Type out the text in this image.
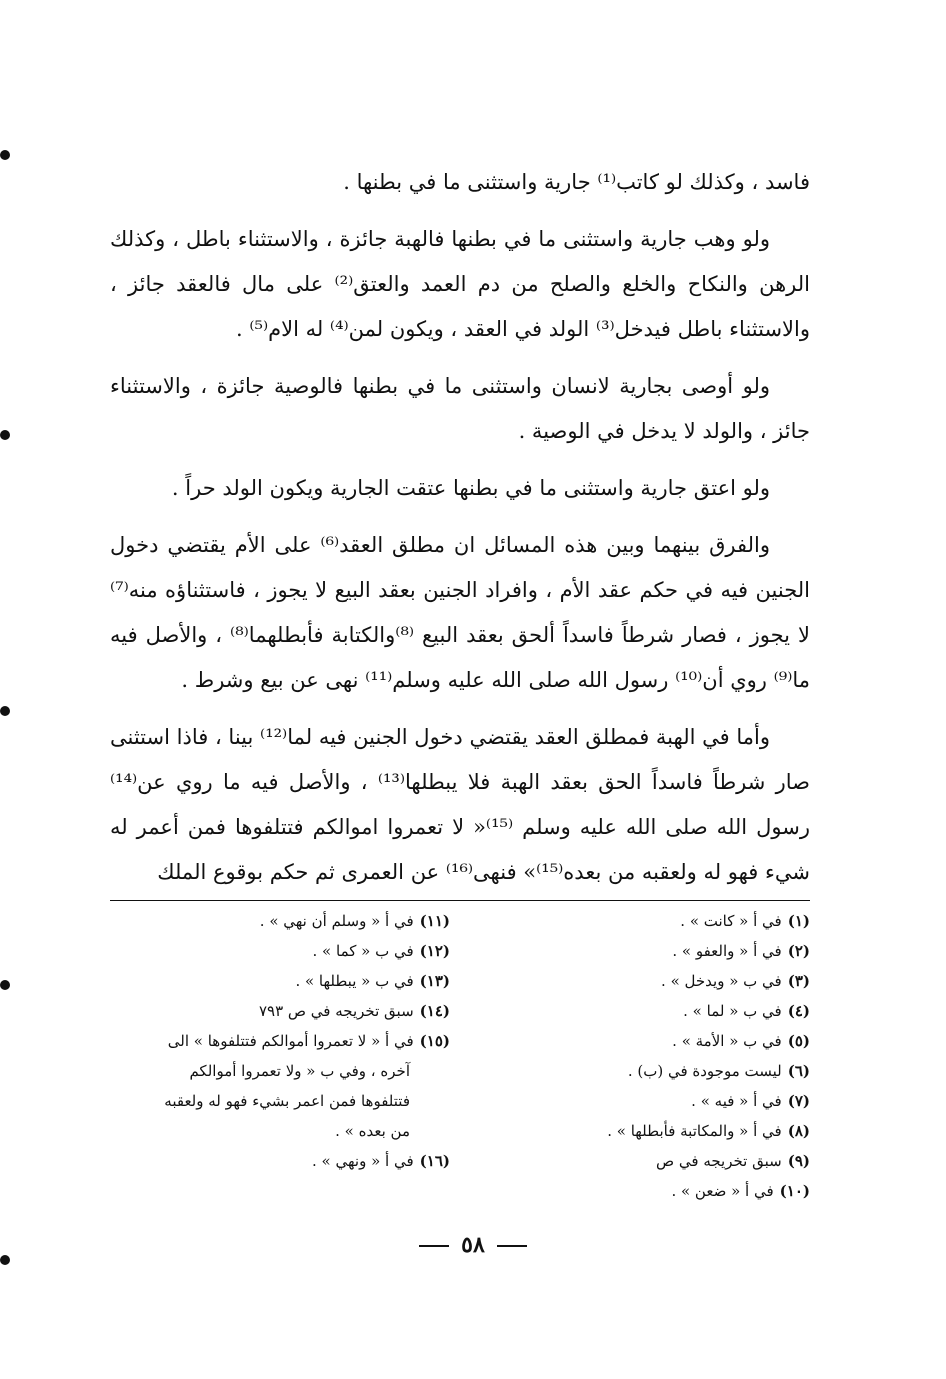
فاسد ، وكذلك لو كاتب⁽¹⁾ جارية واستثنى ما في بطنها .

ولو وهب جارية واستثنى ما في بطنها فالهبة جائزة ، والاستثناء باطل ، وكذلك الرهن والنكاح والخلع والصلح من دم العمد والعتق⁽²⁾ على مال فالعقد جائز ، والاستثناء باطل فيدخل⁽³⁾ الولد في العقد ، ويكون لمن⁽⁴⁾ له الام⁽⁵⁾ .

ولو أوصى بجارية لانسان واستثنى ما في بطنها فالوصية جائزة ، والاستثناء جائز ، والولد لا يدخل في الوصية .

ولو اعتق جارية واستثنى ما في بطنها عتقت الجارية ويكون الولد حراً .

والفرق بينهما وبين هذه المسائل ان مطلق العقد⁽⁶⁾ على الأم يقتضي دخول الجنين فيه في حكم عقد الأم ، وافراد الجنين بعقد البيع لا يجوز ، فاستثناؤه منه⁽⁷⁾ لا يجوز ، فصار شرطاً فاسداً ألحق بعقد البيع ⁽⁸⁾والكتابة فأبطلهما⁽⁸⁾ ، والأصل فيه ما⁽⁹⁾ روي أن⁽¹⁰⁾ رسول الله صلى الله عليه وسلم⁽¹¹⁾ نهى عن بيع وشرط .

وأما في الهبة فمطلق العقد يقتضي دخول الجنين فيه لما⁽¹²⁾ بينا ، فاذا استثنى صار شرطاً فاسداً الحق بعقد الهبة فلا يبطلها⁽¹³⁾ ، والأصل فيه ما روي عن⁽¹⁴⁾ رسول الله صلى الله عليه وسلم ⁽¹⁵⁾« لا تعمروا اموالكم فتتلفوها فمن أعمر له شيء فهو له ولعقبه من بعده⁽¹⁵⁾» فنهى⁽¹⁶⁾ عن العمرى ثم حكم بوقوع الملك

(١)في أ « كانت » .
(٢)في أ « والعفو » .
(٣)في ب « ويدخل » .
(٤)في ب « لما » .
(٥)في ب « الأمة » .
(٦)ليست موجودة في (ب) .
(٧)في أ « فيه » .
(٨)في أ « والمكاتبة فأبطلها » .
(٩)سبق تخريجه في ص
(١٠)في أ « ضعن » .
(١١)في أ « وسلم أن نهي » .
(١٢)في ب « كما » .
(١٣)في ب « يبطلها » .
(١٤)سبق تخريجه في ص ٧٩٣
(١٥)في أ « لا تعمروا أموالكم فتتلفوها » الى
آخره ، وفي ب « ولا تعمروا أموالكم
فتتلفوها فمن اعمر بشيء فهو له ولعقبه
من بعده » .
(١٦)في أ « ونهي » .
٥٨
